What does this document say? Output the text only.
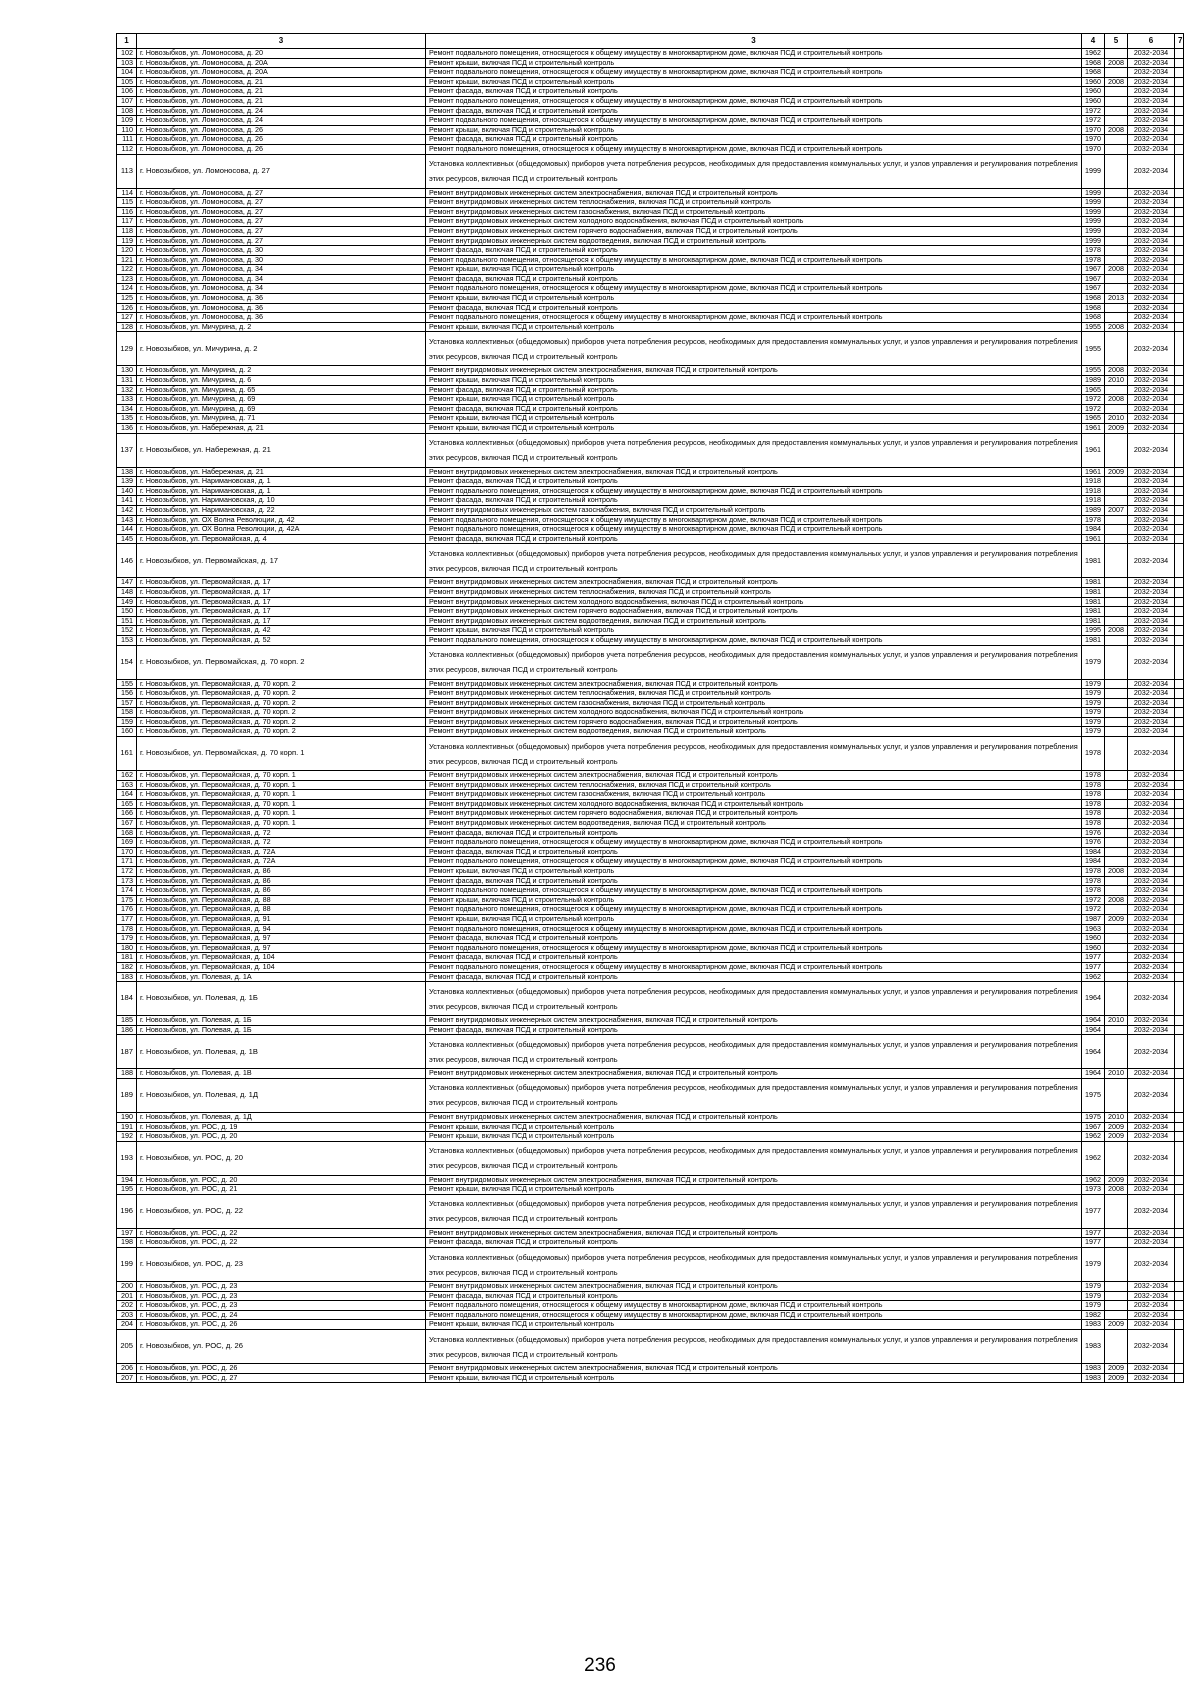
1	3	3	4	5	6	7
102	г. Новозыбков, ул. Ломоносова, д. 20	Ремонт подвального помещения, относящегося к общему имуществу в многоквартирном доме, включая ПСД и строительный контроль	1962		2032-2034	
103	г. Новозыбков, ул. Ломоносова, д. 20А	Ремонт крыши, включая ПСД и строительный контроль	1968	2008	2032-2034	
104	г. Новозыбков, ул. Ломоносова, д. 20А	Ремонт подвального помещения, относящегося к общему имуществу в многоквартирном доме, включая ПСД и строительный контроль	1968		2032-2034	
105	г. Новозыбков, ул. Ломоносова, д. 21	Ремонт крыши, включая ПСД и строительный контроль	1960	2008	2032-2034	
106	г. Новозыбков, ул. Ломоносова, д. 21	Ремонт фасада, включая ПСД и строительный контроль	1960		2032-2034	
107	г. Новозыбков, ул. Ломоносова, д. 21	Ремонт подвального помещения, относящегося к общему имуществу в многоквартирном доме, включая ПСД и строительный контроль	1960		2032-2034	
108	г. Новозыбков, ул. Ломоносова, д. 24	Ремонт фасада, включая ПСД и строительный контроль	1972		2032-2034	
109	г. Новозыбков, ул. Ломоносова, д. 24	Ремонт подвального помещения, относящегося к общему имуществу в многоквартирном доме, включая ПСД и строительный контроль	1972		2032-2034	
110	г. Новозыбков, ул. Ломоносова, д. 26	Ремонт крыши, включая ПСД и строительный контроль	1970	2008	2032-2034	
111	г. Новозыбков, ул. Ломоносова, д. 26	Ремонт фасада, включая ПСД и строительный контроль	1970		2032-2034	
112	г. Новозыбков, ул. Ломоносова, д. 26	Ремонт подвального помещения, относящегося к общему имуществу в многоквартирном доме, включая ПСД и строительный контроль	1970		2032-2034	
113	г. Новозыбков, ул. Ломоносова, д. 27	Установка коллективных (общедомовых) приборов учета потребления ресурсов, необходимых для предоставления коммунальных услуг, и узлов управления и регулирования потребления этих ресурсов, включая ПСД и строительный контроль	1999		2032-2034	
114	г. Новозыбков, ул. Ломоносова, д. 27	Ремонт внутридомовых инженерных систем электроснабжения, включая ПСД и строительный контроль	1999		2032-2034	
115	г. Новозыбков, ул. Ломоносова, д. 27	Ремонт внутридомовых инженерных систем теплоснабжения, включая ПСД и строительный контроль	1999		2032-2034	
116	г. Новозыбков, ул. Ломоносова, д. 27	Ремонт внутридомовых инженерных систем газоснабжения, включая ПСД и строительный контроль	1999		2032-2034	
117	г. Новозыбков, ул. Ломоносова, д. 27	Ремонт внутридомовых инженерных систем холодного водоснабжения, включая ПСД и строительный контроль	1999		2032-2034	
118	г. Новозыбков, ул. Ломоносова, д. 27	Ремонт внутридомовых инженерных систем горячего водоснабжения, включая ПСД и строительный контроль	1999		2032-2034	
119	г. Новозыбков, ул. Ломоносова, д. 27	Ремонт внутридомовых инженерных систем водоотведения, включая ПСД и строительный контроль	1999		2032-2034	
120	г. Новозыбков, ул. Ломоносова, д. 30	Ремонт фасада, включая ПСД и строительный контроль	1978		2032-2034	
121	г. Новозыбков, ул. Ломоносова, д. 30	Ремонт подвального помещения, относящегося к общему имуществу в многоквартирном доме, включая ПСД и строительный контроль	1978		2032-2034	
122	г. Новозыбков, ул. Ломоносова, д. 34	Ремонт крыши, включая ПСД и строительный контроль	1967	2008	2032-2034	
123	г. Новозыбков, ул. Ломоносова, д. 34	Ремонт фасада, включая ПСД и строительный контроль	1967		2032-2034	
124	г. Новозыбков, ул. Ломоносова, д. 34	Ремонт подвального помещения, относящегося к общему имуществу в многоквартирном доме, включая ПСД и строительный контроль	1967		2032-2034	
125	г. Новозыбков, ул. Ломоносова, д. 36	Ремонт крыши, включая ПСД и строительный контроль	1968	2013	2032-2034	
126	г. Новозыбков, ул. Ломоносова, д. 36	Ремонт фасада, включая ПСД и строительный контроль	1968		2032-2034	
127	г. Новозыбков, ул. Ломоносова, д. 36	Ремонт подвального помещения, относящегося к общему имуществу в многоквартирном доме, включая ПСД и строительный контроль	1968		2032-2034	
128	г. Новозыбков, ул. Мичурина, д. 2	Ремонт крыши, включая ПСД и строительный контроль	1955	2008	2032-2034	
129	г. Новозыбков, ул. Мичурина, д. 2	Установка коллективных (общедомовых) приборов учета потребления ресурсов, необходимых для предоставления коммунальных услуг, и узлов управления и регулирования потребления этих ресурсов, включая ПСД и строительный контроль	1955		2032-2034	
130	г. Новозыбков, ул. Мичурина, д. 2	Ремонт внутридомовых инженерных систем электроснабжения, включая ПСД и строительный контроль	1955	2008	2032-2034	
131	г. Новозыбков, ул. Мичурина, д. 6	Ремонт крыши, включая ПСД и строительный контроль	1989	2010	2032-2034	
132	г. Новозыбков, ул. Мичурина, д. 65	Ремонт фасада, включая ПСД и строительный контроль	1965		2032-2034	
133	г. Новозыбков, ул. Мичурина, д. 69	Ремонт крыши, включая ПСД и строительный контроль	1972	2008	2032-2034	
134	г. Новозыбков, ул. Мичурина, д. 69	Ремонт фасада, включая ПСД и строительный контроль	1972		2032-2034	
135	г. Новозыбков, ул. Мичурина, д. 71	Ремонт крыши, включая ПСД и строительный контроль	1965	2010	2032-2034	
136	г. Новозыбков, ул. Набережная, д. 21	Ремонт крыши, включая ПСД и строительный контроль	1961	2009	2032-2034	
137	г. Новозыбков, ул. Набережная, д. 21	Установка коллективных (общедомовых) приборов учета потребления ресурсов, необходимых для предоставления коммунальных услуг, и узлов управления и регулирования потребления этих ресурсов, включая ПСД и строительный контроль	1961		2032-2034	
138	г. Новозыбков, ул. Набережная, д. 21	Ремонт внутридомовых инженерных систем электроснабжения, включая ПСД и строительный контроль	1961	2009	2032-2034	
139	г. Новозыбков, ул. Наримановская, д. 1	Ремонт фасада, включая ПСД и строительный контроль	1918		2032-2034	
140	г. Новозыбков, ул. Наримановская, д. 1	Ремонт подвального помещения, относящегося к общему имуществу в многоквартирном доме, включая ПСД и строительный контроль	1918		2032-2034	
141	г. Новозыбков, ул. Наримановская, д. 10	Ремонт фасада, включая ПСД и строительный контроль	1918		2032-2034	
142	г. Новозыбков, ул. Наримановская, д. 22	Ремонт внутридомовых инженерных систем газоснабжения, включая ПСД и строительный контроль	1989	2007	2032-2034	
143	г. Новозыбков, ул. ОХ Волна Революции, д. 42	Ремонт подвального помещения, относящегося к общему имуществу в многоквартирном доме, включая ПСД и строительный контроль	1978		2032-2034	
144	г. Новозыбков, ул. ОХ Волна Революции, д. 42А	Ремонт подвального помещения, относящегося к общему имуществу в многоквартирном доме, включая ПСД и строительный контроль	1984		2032-2034	
145	г. Новозыбков, ул. Первомайская, д. 4	Ремонт фасада, включая ПСД и строительный контроль	1961		2032-2034	
146	г. Новозыбков, ул. Первомайская, д. 17	Установка коллективных (общедомовых) приборов учета потребления ресурсов, необходимых для предоставления коммунальных услуг, и узлов управления и регулирования потребления этих ресурсов, включая ПСД и строительный контроль	1981		2032-2034	
147	г. Новозыбков, ул. Первомайская, д. 17	Ремонт внутридомовых инженерных систем электроснабжения, включая ПСД и строительный контроль	1981		2032-2034	
148	г. Новозыбков, ул. Первомайская, д. 17	Ремонт внутридомовых инженерных систем теплоснабжения, включая ПСД и строительный контроль	1981		2032-2034	
149	г. Новозыбков, ул. Первомайская, д. 17	Ремонт внутридомовых инженерных систем холодного водоснабжения, включая ПСД и строительный контроль	1981		2032-2034	
150	г. Новозыбков, ул. Первомайская, д. 17	Ремонт внутридомовых инженерных систем горячего водоснабжения, включая ПСД и строительный контроль	1981		2032-2034	
151	г. Новозыбков, ул. Первомайская, д. 17	Ремонт внутридомовых инженерных систем водоотведения, включая ПСД и строительный контроль	1981		2032-2034	
152	г. Новозыбков, ул. Первомайская, д. 42	Ремонт крыши, включая ПСД и строительный контроль	1995	2008	2032-2034	
153	г. Новозыбков, ул. Первомайская, д. 52	Ремонт подвального помещения, относящегося к общему имуществу в многоквартирном доме, включая ПСД и строительный контроль	1981		2032-2034	
154	г. Новозыбков, ул. Первомайская, д. 70 корп. 2	Установка коллективных (общедомовых) приборов учета потребления ресурсов, необходимых для предоставления коммунальных услуг, и узлов управления и регулирования потребления этих ресурсов, включая ПСД и строительный контроль	1979		2032-2034	
155	г. Новозыбков, ул. Первомайская, д. 70 корп. 2	Ремонт внутридомовых инженерных систем электроснабжения, включая ПСД и строительный контроль	1979		2032-2034	
156	г. Новозыбков, ул. Первомайская, д. 70 корп. 2	Ремонт внутридомовых инженерных систем теплоснабжения, включая ПСД и строительный контроль	1979		2032-2034	
157	г. Новозыбков, ул. Первомайская, д. 70 корп. 2	Ремонт внутридомовых инженерных систем газоснабжения, включая ПСД и строительный контроль	1979		2032-2034	
158	г. Новозыбков, ул. Первомайская, д. 70 корп. 2	Ремонт внутридомовых инженерных систем холодного водоснабжения, включая ПСД и строительный контроль	1979		2032-2034	
159	г. Новозыбков, ул. Первомайская, д. 70 корп. 2	Ремонт внутридомовых инженерных систем горячего водоснабжения, включая ПСД и строительный контроль	1979		2032-2034	
160	г. Новозыбков, ул. Первомайская, д. 70 корп. 2	Ремонт внутридомовых инженерных систем водоотведения, включая ПСД и строительный контроль	1979		2032-2034	
161	г. Новозыбков, ул. Первомайская, д. 70 корп. 1	Установка коллективных (общедомовых) приборов учета потребления ресурсов, необходимых для предоставления коммунальных услуг, и узлов управления и регулирования потребления этих ресурсов, включая ПСД и строительный контроль	1978		2032-2034	
162	г. Новозыбков, ул. Первомайская, д. 70 корп. 1	Ремонт внутридомовых инженерных систем электроснабжения, включая ПСД и строительный контроль	1978		2032-2034	
163	г. Новозыбков, ул. Первомайская, д. 70 корп. 1	Ремонт внутридомовых инженерных систем теплоснабжения, включая ПСД и строительный контроль	1978		2032-2034	
164	г. Новозыбков, ул. Первомайская, д. 70 корп. 1	Ремонт внутридомовых инженерных систем газоснабжения, включая ПСД и строительный контроль	1978		2032-2034	
165	г. Новозыбков, ул. Первомайская, д. 70 корп. 1	Ремонт внутридомовых инженерных систем холодного водоснабжения, включая ПСД и строительный контроль	1978		2032-2034	
166	г. Новозыбков, ул. Первомайская, д. 70 корп. 1	Ремонт внутридомовых инженерных систем горячего водоснабжения, включая ПСД и строительный контроль	1978		2032-2034	
167	г. Новозыбков, ул. Первомайская, д. 70 корп. 1	Ремонт внутридомовых инженерных систем водоотведения, включая ПСД и строительный контроль	1978		2032-2034	
168	г. Новозыбков, ул. Первомайская, д. 72	Ремонт фасада, включая ПСД и строительный контроль	1976		2032-2034	
169	г. Новозыбков, ул. Первомайская, д. 72	Ремонт подвального помещения, относящегося к общему имуществу в многоквартирном доме, включая ПСД и строительный контроль	1976		2032-2034	
170	г. Новозыбков, ул. Первомайская, д. 72А	Ремонт фасада, включая ПСД и строительный контроль	1984		2032-2034	
171	г. Новозыбков, ул. Первомайская, д. 72А	Ремонт подвального помещения, относящегося к общему имуществу в многоквартирном доме, включая ПСД и строительный контроль	1984		2032-2034	
172	г. Новозыбков, ул. Первомайская, д. 86	Ремонт крыши, включая ПСД и строительный контроль	1978	2008	2032-2034	
173	г. Новозыбков, ул. Первомайская, д. 86	Ремонт фасада, включая ПСД и строительный контроль	1978		2032-2034	
174	г. Новозыбков, ул. Первомайская, д. 86	Ремонт подвального помещения, относящегося к общему имуществу в многоквартирном доме, включая ПСД и строительный контроль	1978		2032-2034	
175	г. Новозыбков, ул. Первомайская, д. 88	Ремонт крыши, включая ПСД и строительный контроль	1972	2008	2032-2034	
176	г. Новозыбков, ул. Первомайская, д. 88	Ремонт подвального помещения, относящегося к общему имуществу в многоквартирном доме, включая ПСД и строительный контроль	1972		2032-2034	
177	г. Новозыбков, ул. Первомайская, д. 91	Ремонт крыши, включая ПСД и строительный контроль	1987	2009	2032-2034	
178	г. Новозыбков, ул. Первомайская, д. 94	Ремонт подвального помещения, относящегося к общему имуществу в многоквартирном доме, включая ПСД и строительный контроль	1963		2032-2034	
179	г. Новозыбков, ул. Первомайская, д. 97	Ремонт фасада, включая ПСД и строительный контроль	1960		2032-2034	
180	г. Новозыбков, ул. Первомайская, д. 97	Ремонт подвального помещения, относящегося к общему имуществу в многоквартирном доме, включая ПСД и строительный контроль	1960		2032-2034	
181	г. Новозыбков, ул. Первомайская, д. 104	Ремонт фасада, включая ПСД и строительный контроль	1977		2032-2034	
182	г. Новозыбков, ул. Первомайская, д. 104	Ремонт подвального помещения, относящегося к общему имуществу в многоквартирном доме, включая ПСД и строительный контроль	1977		2032-2034	
183	г. Новозыбков, ул. Полевая, д. 1А	Ремонт фасада, включая ПСД и строительный контроль	1962		2032-2034	
184	г. Новозыбков, ул. Полевая, д. 1Б	Установка коллективных (общедомовых) приборов учета потребления ресурсов, необходимых для предоставления коммунальных услуг, и узлов управления и регулирования потребления этих ресурсов, включая ПСД и строительный контроль	1964		2032-2034	
185	г. Новозыбков, ул. Полевая, д. 1Б	Ремонт внутридомовых инженерных систем электроснабжения, включая ПСД и строительный контроль	1964	2010	2032-2034	
186	г. Новозыбков, ул. Полевая, д. 1Б	Ремонт фасада, включая ПСД и строительный контроль	1964		2032-2034	
187	г. Новозыбков, ул. Полевая, д. 1В	Установка коллективных (общедомовых) приборов учета потребления ресурсов, необходимых для предоставления коммунальных услуг, и узлов управления и регулирования потребления этих ресурсов, включая ПСД и строительный контроль	1964		2032-2034	
188	г. Новозыбков, ул. Полевая, д. 1В	Ремонт внутридомовых инженерных систем электроснабжения, включая ПСД и строительный контроль	1964	2010	2032-2034	
189	г. Новозыбков, ул. Полевая, д. 1Д	Установка коллективных (общедомовых) приборов учета потребления ресурсов, необходимых для предоставления коммунальных услуг, и узлов управления и регулирования потребления этих ресурсов, включая ПСД и строительный контроль	1975		2032-2034	
190	г. Новозыбков, ул. Полевая, д. 1Д	Ремонт внутридомовых инженерных систем электроснабжения, включая ПСД и строительный контроль	1975	2010	2032-2034	
191	г. Новозыбков, ул. РОС, д. 19	Ремонт крыши, включая ПСД и строительный контроль	1967	2009	2032-2034	
192	г. Новозыбков, ул. РОС, д. 20	Ремонт крыши, включая ПСД и строительный контроль	1962	2009	2032-2034	
193	г. Новозыбков, ул. РОС, д. 20	Установка коллективных (общедомовых) приборов учета потребления ресурсов, необходимых для предоставления коммунальных услуг, и узлов управления и регулирования потребления этих ресурсов, включая ПСД и строительный контроль	1962		2032-2034	
194	г. Новозыбков, ул. РОС, д. 20	Ремонт внутридомовых инженерных систем электроснабжения, включая ПСД и строительный контроль	1962	2009	2032-2034	
195	г. Новозыбков, ул. РОС, д. 21	Ремонт крыши, включая ПСД и строительный контроль	1973	2008	2032-2034	
196	г. Новозыбков, ул. РОС, д. 22	Установка коллективных (общедомовых) приборов учета потребления ресурсов, необходимых для предоставления коммунальных услуг, и узлов управления и регулирования потребления этих ресурсов, включая ПСД и строительный контроль	1977		2032-2034	
197	г. Новозыбков, ул. РОС, д. 22	Ремонт внутридомовых инженерных систем электроснабжения, включая ПСД и строительный контроль	1977		2032-2034	
198	г. Новозыбков, ул. РОС, д. 22	Ремонт фасада, включая ПСД и строительный контроль	1977		2032-2034	
199	г. Новозыбков, ул. РОС, д. 23	Установка коллективных (общедомовых) приборов учета потребления ресурсов, необходимых для предоставления коммунальных услуг, и узлов управления и регулирования потребления этих ресурсов, включая ПСД и строительный контроль	1979		2032-2034	
200	г. Новозыбков, ул. РОС, д. 23	Ремонт внутридомовых инженерных систем электроснабжения, включая ПСД и строительный контроль	1979		2032-2034	
201	г. Новозыбков, ул. РОС, д. 23	Ремонт фасада, включая ПСД и строительный контроль	1979		2032-2034	
202	г. Новозыбков, ул. РОС, д. 23	Ремонт подвального помещения, относящегося к общему имуществу в многоквартирном доме, включая ПСД и строительный контроль	1979		2032-2034	
203	г. Новозыбков, ул. РОС, д. 24	Ремонт подвального помещения, относящегося к общему имуществу в многоквартирном доме, включая ПСД и строительный контроль	1982		2032-2034	
204	г. Новозыбков, ул. РОС, д. 26	Ремонт крыши, включая ПСД и строительный контроль	1983	2009	2032-2034	
205	г. Новозыбков, ул. РОС, д. 26	Установка коллективных (общедомовых) приборов учета потребления ресурсов, необходимых для предоставления коммунальных услуг, и узлов управления и регулирования потребления этих ресурсов, включая ПСД и строительный контроль	1983		2032-2034	
206	г. Новозыбков, ул. РОС, д. 26	Ремонт внутридомовых инженерных систем электроснабжения, включая ПСД и строительный контроль	1983	2009	2032-2034	
207	г. Новозыбков, ул. РОС, д. 27	Ремонт крыши, включая ПСД и строительный контроль	1983	2009	2032-2034	
236
